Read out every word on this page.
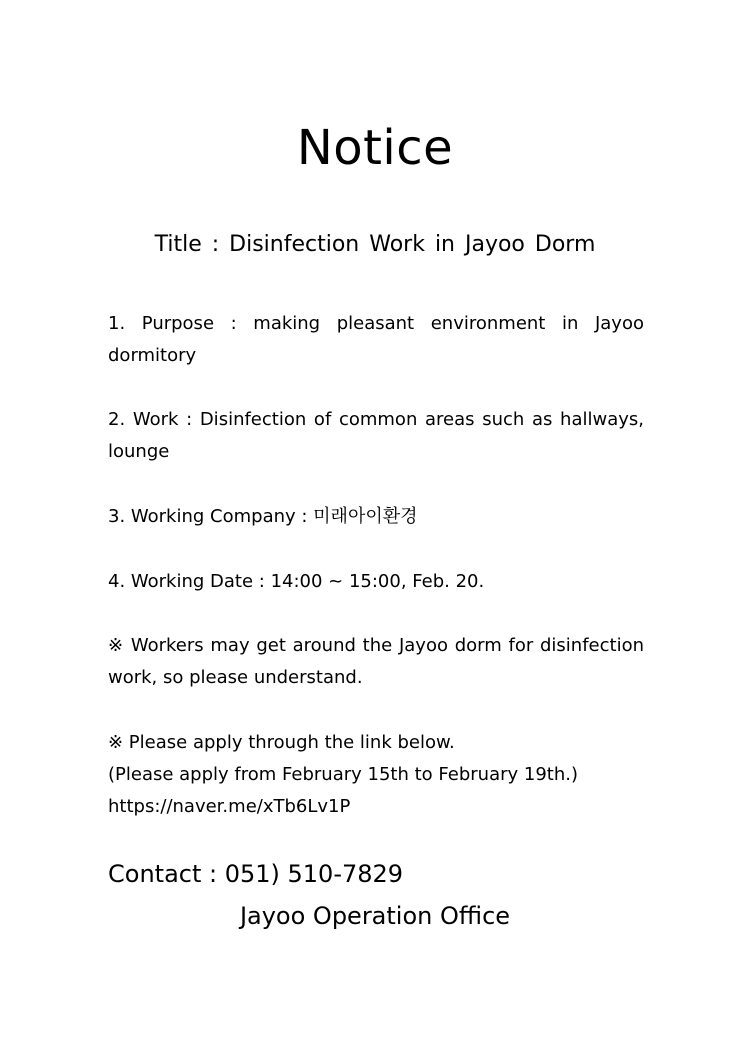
Notice
Title : Disinfection Work in Jayoo Dorm

1. Purpose : making pleasant environment in Jayoo dormitory

2. Work : Disinfection of common areas such as hallways, lounge

3. Working Company : 미래아이환경

4. Working Date : 14:00 ~ 15:00, Feb. 20.

※ Workers may get around the Jayoo dorm for disinfection work, so please understand.

※ Please apply through the link below.
(Please apply from February 15th to February 19th.)
https://naver.me/xTb6Lv1P
Contact : 051) 510-7829
Jayoo Operation Office
